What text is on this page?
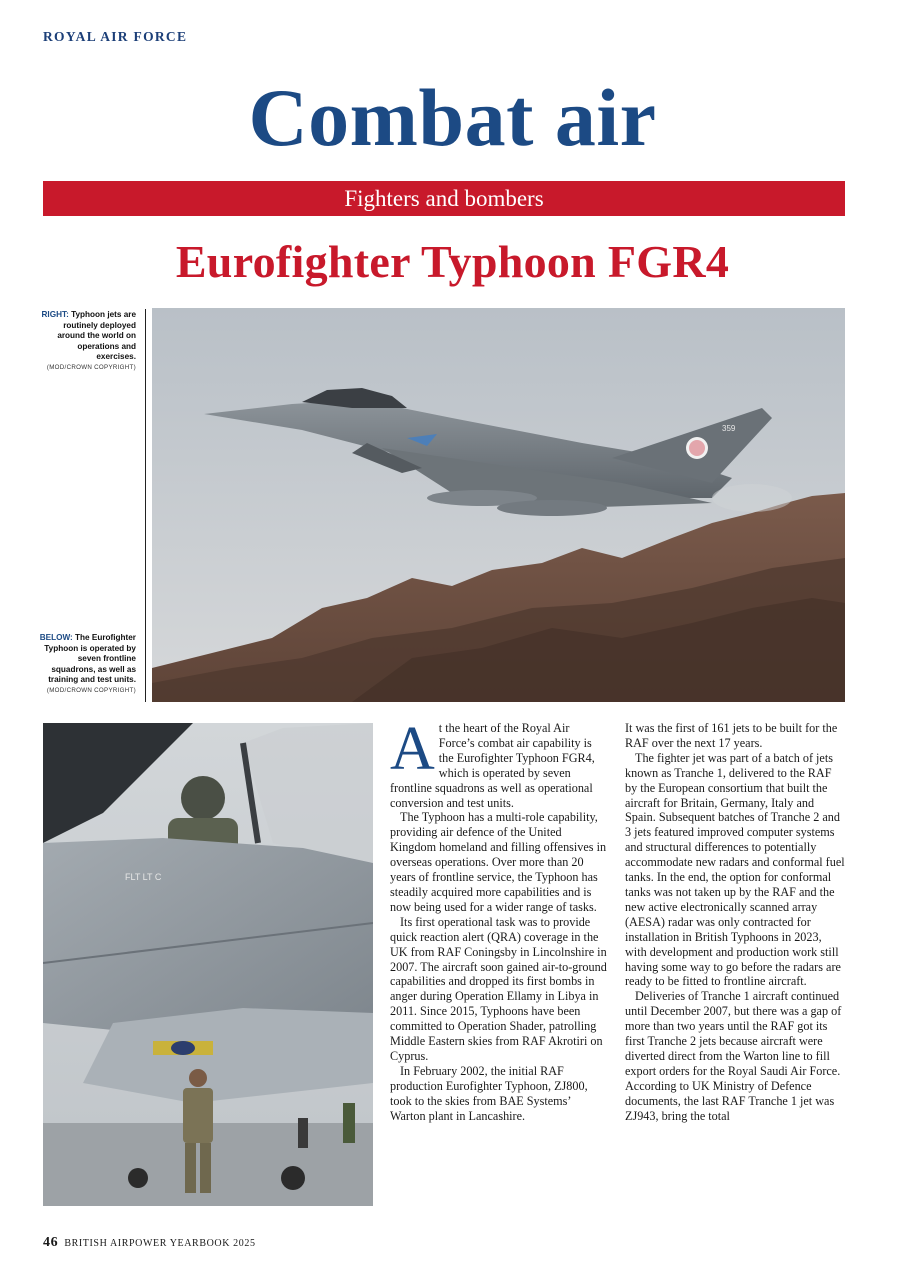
ROYAL AIR FORCE
Combat air
Fighters and bombers
Eurofighter Typhoon FGR4
RIGHT: Typhoon jets are routinely deployed around the world on operations and exercises.
(MOD/CROWN COPYRIGHT)
BELOW: The Eurofighter Typhoon is operated by seven frontline squadrons, as well as training and test units.
(MOD/CROWN COPYRIGHT)
359
FLT LT C

At the heart of the Royal Air Force’s combat air capability is the Eurofighter Typhoon FGR4, which is operated by seven frontline squadrons as well as operational conversion and test units.

The Typhoon has a multi-role capability, providing air defence of the United Kingdom homeland and filling offensives in overseas operations. Over more than 20 years of frontline service, the Typhoon has steadily acquired more capabilities and is now being used for a wider range of tasks.

Its first operational task was to provide quick reaction alert (QRA) coverage in the UK from RAF Coningsby in Lincolnshire in 2007. The aircraft soon gained air-to-ground capabilities and dropped its first bombs in anger during Operation Ellamy in Libya in 2011. Since 2015, Typhoons have been committed to Operation Shader, patrolling Middle Eastern skies from RAF Akrotiri on Cyprus.

In February 2002, the initial RAF production Eurofighter Typhoon, ZJ800, took to the skies from BAE Systems’ Warton plant in Lancashire.

It was the first of 161 jets to be built for the RAF over the next 17 years.

The fighter jet was part of a batch of jets known as Tranche 1, delivered to the RAF by the European consortium that built the aircraft for Britain, Germany, Italy and Spain. Subsequent batches of Tranche 2 and 3 jets featured improved computer systems and structural differences to potentially accommodate new radars and conformal fuel tanks. In the end, the option for conformal tanks was not taken up by the RAF and the new active electronically scanned array (AESA) radar was only contracted for installation in British Typhoons in 2023, with development and production work still having some way to go before the radars are ready to be fitted to frontline aircraft.

Deliveries of Tranche 1 aircraft continued until December 2007, but there was a gap of more than two years until the RAF got its first Tranche 2 jets because aircraft were diverted direct from the Warton line to fill export orders for the Royal Saudi Air Force. According to UK Ministry of Defence documents, the last RAF Tranche 1 jet was ZJ943, bring the total

46 BRITISH AIRPOWER YEARBOOK 2025
